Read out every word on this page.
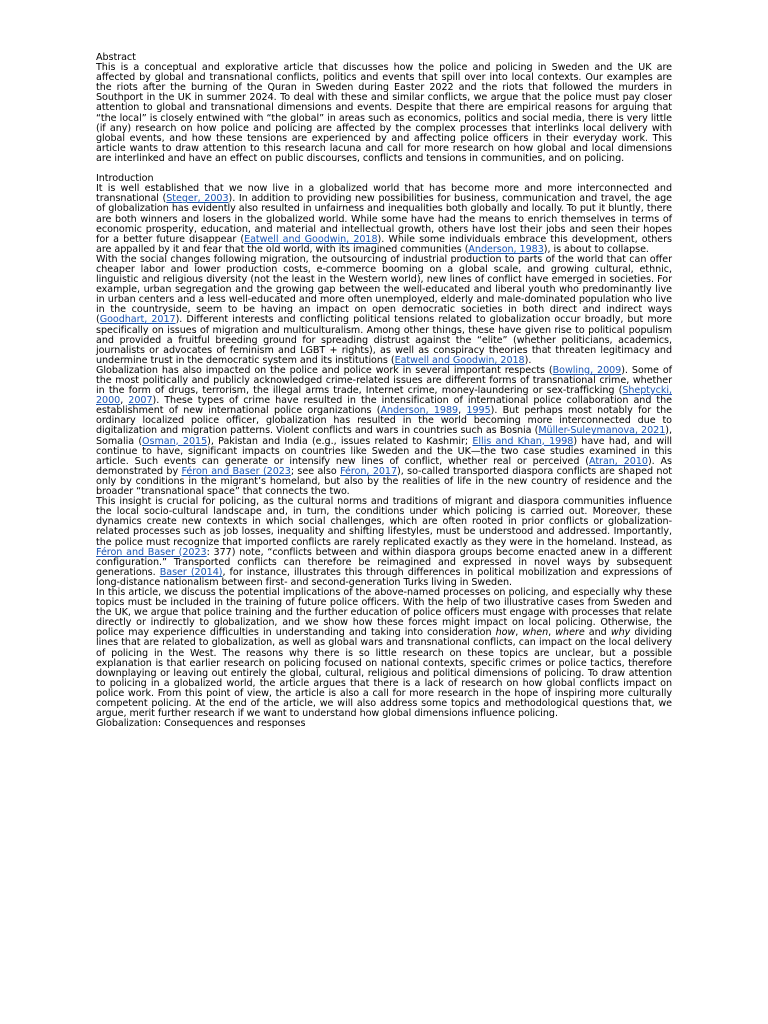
Abstract

This is a conceptual and explorative article that discusses how the police and policing in Sweden and the UK are affected by global and transnational conflicts, politics and events that spill over into local contexts. Our examples are the riots after the burning of the Quran in Sweden during Easter 2022 and the riots that followed the murders in Southport in the UK in summer 2024. To deal with these and similar conflicts, we argue that the police must pay closer attention to global and transnational dimensions and events. Despite that there are empirical reasons for arguing that “the local” is closely entwined with “the global” in areas such as economics, politics and social media, there is very little (if any) research on how police and policing are affected by the complex processes that interlinks local delivery with global events, and how these tensions are experienced by and affecting police officers in their everyday work. This article wants to draw attention to this research lacuna and call for more research on how global and local dimensions are interlinked and have an effect on public discourses, conflicts and tensions in communities, and on policing.

Introduction

It is well established that we now live in a globalized world that has become more and more interconnected and transnational (Steger, 2003). In addition to providing new possibilities for business, communication and travel, the age of globalization has evidently also resulted in unfairness and inequalities both globally and locally. To put it bluntly, there are both winners and losers in the globalized world. While some have had the means to enrich themselves in terms of economic prosperity, education, and material and intellectual growth, others have lost their jobs and seen their hopes for a better future disappear (Eatwell and Goodwin, 2018). While some individuals embrace this development, others are appalled by it and fear that the old world, with its imagined communities (Anderson, 1983), is about to collapse.

With the social changes following migration, the outsourcing of industrial production to parts of the world that can offer cheaper labor and lower production costs, e-commerce booming on a global scale, and growing cultural, ethnic, linguistic and religious diversity (not the least in the Western world), new lines of conflict have emerged in societies. For example, urban segregation and the growing gap between the well-educated and liberal youth who predominantly live in urban centers and a less well-educated and more often unemployed, elderly and male-dominated population who live in the countryside, seem to be having an impact on open democratic societies in both direct and indirect ways (Goodhart, 2017). Different interests and conflicting political tensions related to globalization occur broadly, but more specifically on issues of migration and multiculturalism. Among other things, these have given rise to political populism and provided a fruitful breeding ground for spreading distrust against the “elite” (whether politicians, academics, journalists or advocates of feminism and LGBT + rights), as well as conspiracy theories that threaten legitimacy and undermine trust in the democratic system and its institutions (Eatwell and Goodwin, 2018).

Globalization has also impacted on the police and police work in several important respects (Bowling, 2009). Some of the most politically and publicly acknowledged crime-related issues are different forms of transnational crime, whether in the form of drugs, terrorism, the illegal arms trade, Internet crime, money-laundering or sex-trafficking (Sheptycki, 2000, 2007). These types of crime have resulted in the intensification of international police collaboration and the establishment of new international police organizations (Anderson, 1989, 1995). But perhaps most notably for the ordinary localized police officer, globalization has resulted in the world becoming more interconnected due to digitalization and migration patterns. Violent conflicts and wars in countries such as Bosnia (Müller-Suleymanova, 2021), Somalia (Osman, 2015), Pakistan and India (e.g., issues related to Kashmir; Ellis and Khan, 1998) have had, and will continue to have, significant impacts on countries like Sweden and the UK—the two case studies examined in this article. Such events can generate or intensify new lines of conflict, whether real or perceived (Atran, 2010). As demonstrated by Féron and Baser (2023; see also Féron, 2017), so-called transported diaspora conflicts are shaped not only by conditions in the migrant’s homeland, but also by the realities of life in the new country of residence and the broader “transnational space” that connects the two.

This insight is crucial for policing, as the cultural norms and traditions of migrant and diaspora communities influence the local socio-cultural landscape and, in turn, the conditions under which policing is carried out. Moreover, these dynamics create new contexts in which social challenges, which are often rooted in prior conflicts or globalization-related processes such as job losses, inequality and shifting lifestyles, must be understood and addressed. Importantly, the police must recognize that imported conflicts are rarely replicated exactly as they were in the homeland. Instead, as Féron and Baser (2023: 377) note, “conflicts between and within diaspora groups become enacted anew in a different configuration.” Transported conflicts can therefore be reimagined and expressed in novel ways by subsequent generations. Baser (2014), for instance, illustrates this through differences in political mobilization and expressions of long-distance nationalism between first- and second-generation Turks living in Sweden.

In this article, we discuss the potential implications of the above-named processes on policing, and especially why these topics must be included in the training of future police officers. With the help of two illustrative cases from Sweden and the UK, we argue that police training and the further education of police officers must engage with processes that relate directly or indirectly to globalization, and we show how these forces might impact on local policing. Otherwise, the police may experience difficulties in understanding and taking into consideration how, when, where and why dividing lines that are related to globalization, as well as global wars and transnational conflicts, can impact on the local delivery of policing in the West. The reasons why there is so little research on these topics are unclear, but a possible explanation is that earlier research on policing focused on national contexts, specific crimes or police tactics, therefore downplaying or leaving out entirely the global, cultural, religious and political dimensions of policing. To draw attention to policing in a globalized world, the article argues that there is a lack of research on how global conflicts impact on police work. From this point of view, the article is also a call for more research in the hope of inspiring more culturally competent policing. At the end of the article, we will also address some topics and methodological questions that, we argue, merit further research if we want to understand how global dimensions influence policing.

Globalization: Consequences and responses
